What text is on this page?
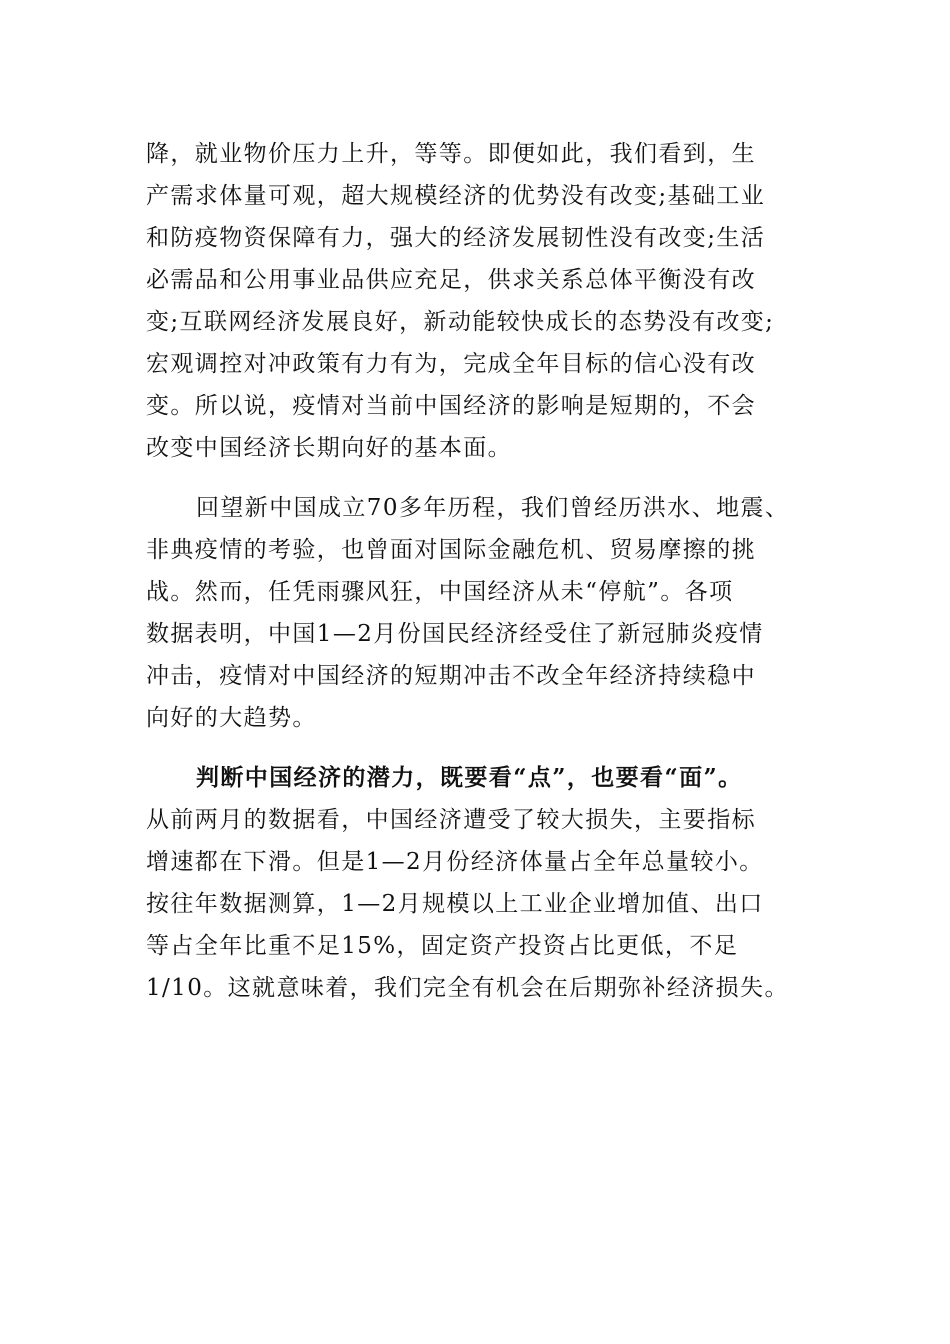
降，就业物价压力上升，等等。即便如此，我们看到，生
产需求体量可观，超大规模经济的优势没有改变;基础工业
和防疫物资保障有力，强大的经济发展韧性没有改变;生活
必需品和公用事业品供应充足，供求关系总体平衡没有改
变;互联网经济发展良好，新动能较快成长的态势没有改变;
宏观调控对冲政策有力有为，完成全年目标的信心没有改
变。所以说，疫情对当前中国经济的影响是短期的，不会
改变中国经济长期向好的基本面。
回望新中国成立70多年历程，我们曾经历洪水、地震、
非典疫情的考验，也曾面对国际金融危机、贸易摩擦的挑
战。然而，任凭雨骤风狂，中国经济从未“停航”。各项
数据表明，中国1—2月份国民经济经受住了新冠肺炎疫情
冲击，疫情对中国经济的短期冲击不改全年经济持续稳中
向好的大趋势。
判断中国经济的潜力，既要看“点”，也要看“面”。
从前两月的数据看，中国经济遭受了较大损失，主要指标
增速都在下滑。但是1—2月份经济体量占全年总量较小。
按往年数据测算，1—2月规模以上工业企业增加值、出口
等占全年比重不足15%，固定资产投资占比更低，不足
1/10。这就意味着，我们完全有机会在后期弥补经济损失。
